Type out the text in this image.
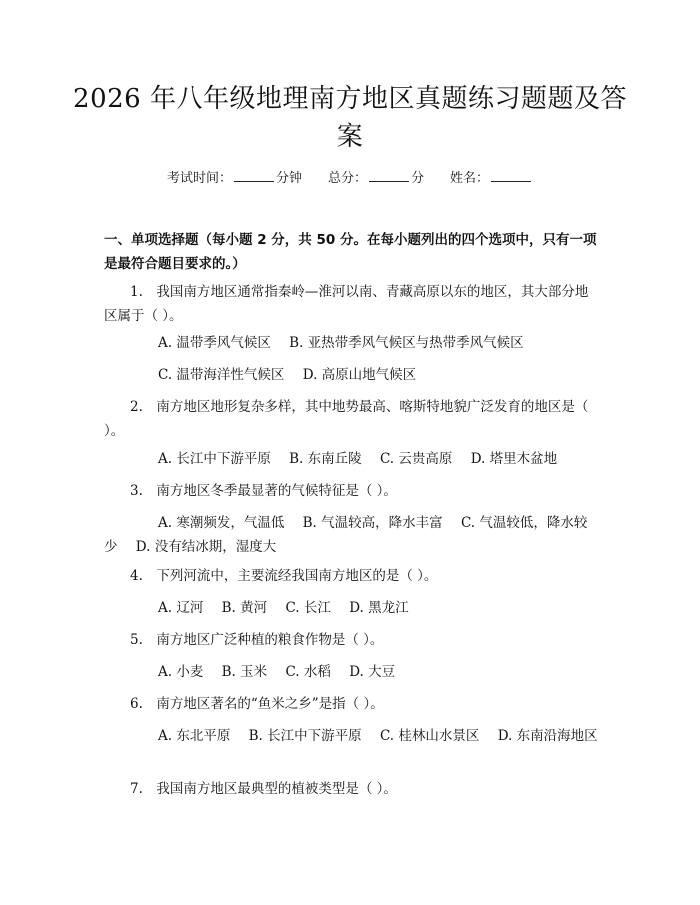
2026 年八年级地理南方地区真题练习题题及答案
考试时间：	分钟 总分：	分 姓名：
一、单项选择题（每小题 2 分，共 50 分。在每小题列出的四个选项中，只有一项是最符合题目要求的。）
1.　我国南方地区通常指秦岭—淮河以南、青藏高原以东的地区，其大部分地区属于（ ）。
A. 温带季风气候区 B. 亚热带季风气候区与热带季风气候区
C. 温带海洋性气候区 D. 高原山地气候区
2.　南方地区地形复杂多样，其中地势最高、喀斯特地貌广泛发育的地区是（ ）。
A. 长江中下游平原 B. 东南丘陵 C. 云贵高原 D. 塔里木盆地
3.　南方地区冬季最显著的气候特征是（ ）。
A. 寒潮频发，气温低 B. 气温较高，降水丰富 C. 气温较低，降水较少 D. 没有结冰期，湿度大
4.　下列河流中，主要流经我国南方地区的是（ ）。
A. 辽河 B. 黄河 C. 长江 D. 黑龙江
5.　南方地区广泛种植的粮食作物是（ ）。
A. 小麦 B. 玉米 C. 水稻 D. 大豆
6.　南方地区著名的“鱼米之乡”是指（ ）。
A. 东北平原 B. 长江中下游平原 C. 桂林山水景区 D. 东南沿海地区
7.　我国南方地区最典型的植被类型是（ ）。
